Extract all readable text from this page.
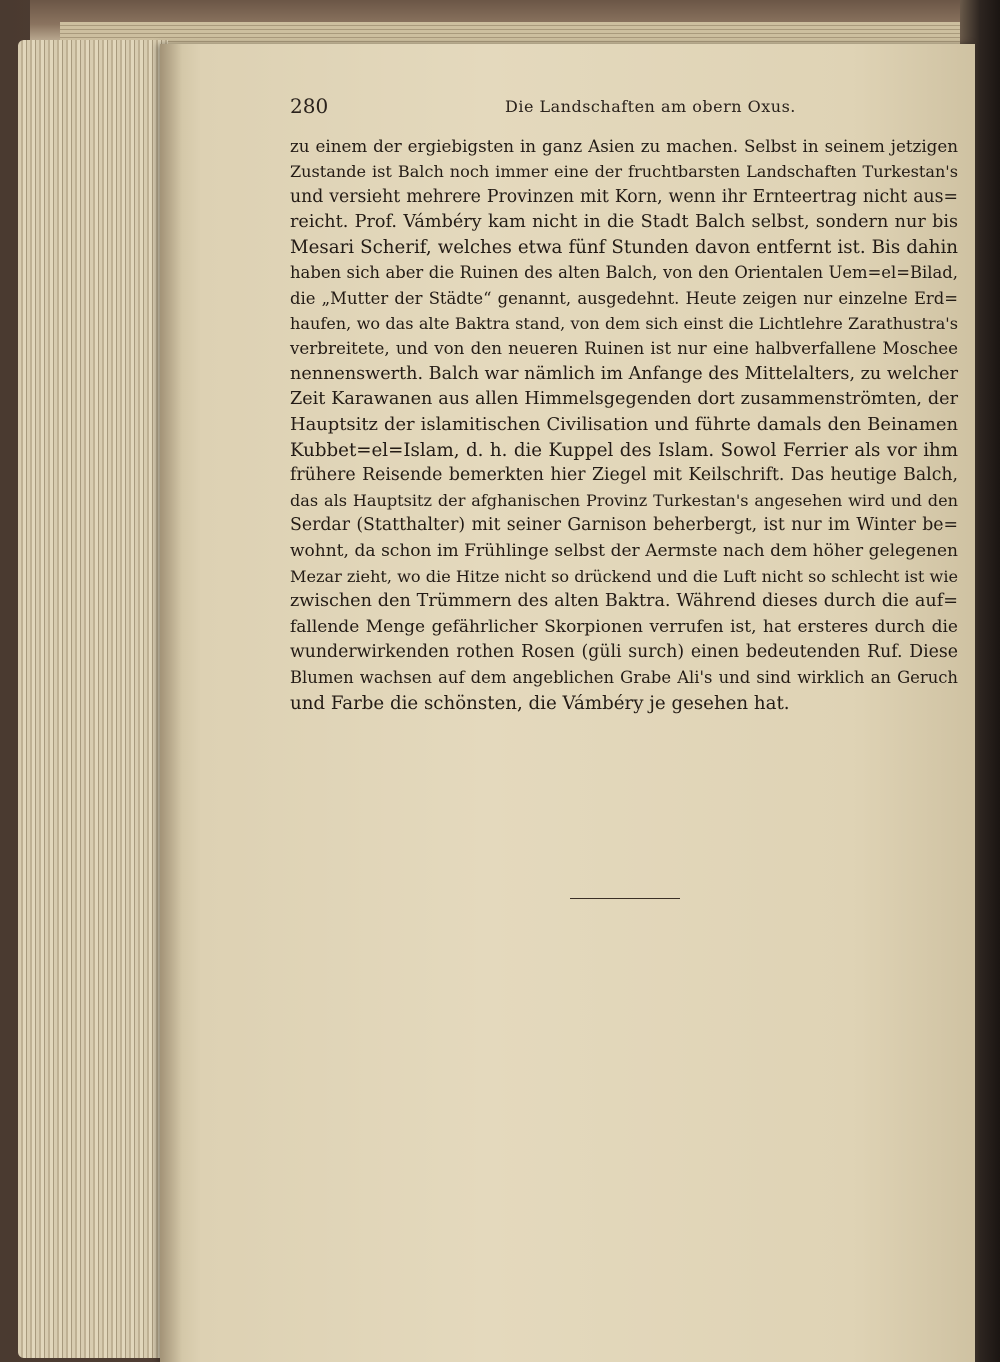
280	Die Landschaften am obern Oxus.
zu einem der ergiebigsten in ganz Asien zu machen. Selbst in seinem jetzigen
Zustande ist Balch noch immer eine der fruchtbarsten Landschaften Turkestan's
und versieht mehrere Provinzen mit Korn, wenn ihr Ernteertrag nicht aus=
reicht. Prof. Vámbéry kam nicht in die Stadt Balch selbst, sondern nur bis
Mesari Scherif, welches etwa fünf Stunden davon entfernt ist. Bis dahin
haben sich aber die Ruinen des alten Balch, von den Orientalen Uem=el=Bilad,
die „Mutter der Städte“ genannt, ausgedehnt. Heute zeigen nur einzelne Erd=
haufen, wo das alte Baktra stand, von dem sich einst die Lichtlehre Zarathustra's
verbreitete, und von den neueren Ruinen ist nur eine halbverfallene Moschee
nennenswerth. Balch war nämlich im Anfange des Mittelalters, zu welcher
Zeit Karawanen aus allen Himmelsgegenden dort zusammenströmten, der
Hauptsitz der islamitischen Civilisation und führte damals den Beinamen
Kubbet=el=Islam, d. h. die Kuppel des Islam. Sowol Ferrier als vor ihm
frühere Reisende bemerkten hier Ziegel mit Keilschrift. Das heutige Balch,
das als Hauptsitz der afghanischen Provinz Turkestan's angesehen wird und den
Serdar (Statthalter) mit seiner Garnison beherbergt, ist nur im Winter be=
wohnt, da schon im Frühlinge selbst der Aermste nach dem höher gelegenen
Mezar zieht, wo die Hitze nicht so drückend und die Luft nicht so schlecht ist wie
zwischen den Trümmern des alten Baktra. Während dieses durch die auf=
fallende Menge gefährlicher Skorpionen verrufen ist, hat ersteres durch die
wunderwirkenden rothen Rosen (güli surch) einen bedeutenden Ruf. Diese
Blumen wachsen auf dem angeblichen Grabe Ali's und sind wirklich an Geruch
und Farbe die schönsten, die Vámbéry je gesehen hat.
